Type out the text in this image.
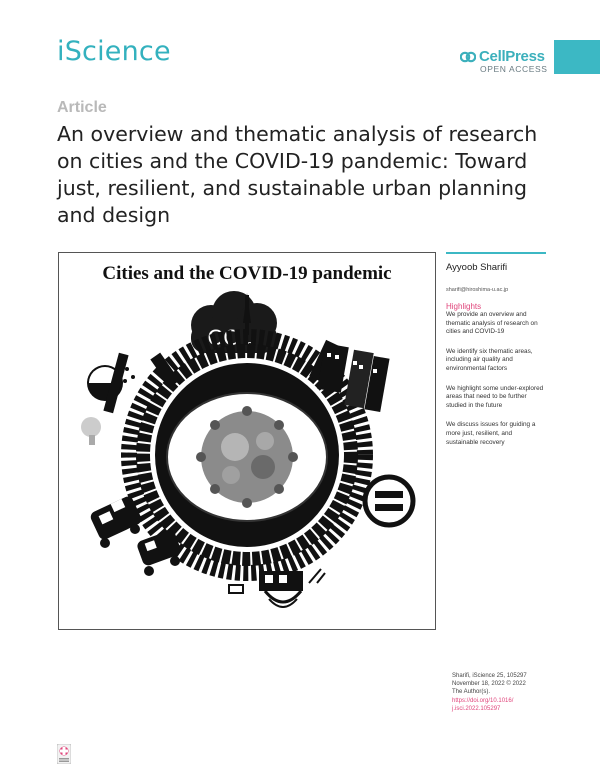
iScience	CellPress
OPEN ACCESS
Article
An overview and thematic analysis of research on cities and the COVID-19 pandemic: Toward just, resilient, and sustainable urban planning and design
Cities and the COVID-19 pandemic
CO 2
Ayyoob Sharifi
sharifi@hiroshima-u.ac.jp
Highlights
We provide an overview and thematic analysis of research on cities and COVID-19
We identify six thematic areas, including air quality and environmental factors
We highlight some under-explored areas that need to be further studied in the future
We discuss issues for guiding a more just, resilient, and sustainable recovery
Sharifi, iScience 25, 105297
November 18, 2022 © 2022
The Author(s).
https://doi.org/10.1016/
j.isci.2022.105297
